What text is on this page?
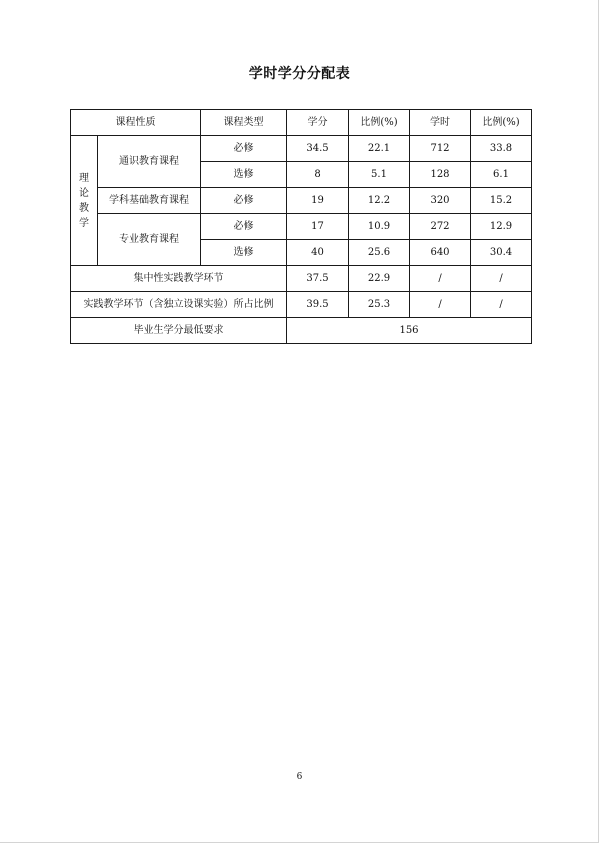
学时学分分配表
课程性质		课程类型	学分	比例(%)	学时	比例(%)

理论教学	通识教育课程	必修	34.5	22.1	712	33.8
		选修	8	5.1	128	6.1
	学科基础教育课程	必修	19	12.2	320	15.2
	专业教育课程	必修	17	10.9	272	12.9
		选修	40	25.6	640	30.4
集中性实践教学环节			37.5	22.9	/	/
实践教学环节（含独立设课实验）所占比例			39.5	25.3	/	/
毕业生学分最低要求			156			
6
